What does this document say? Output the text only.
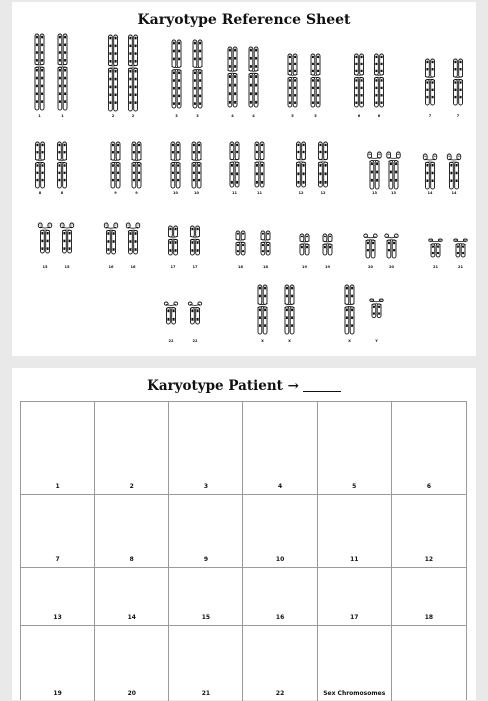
Karyotype Reference Sheet
1	1	2	2	3	3	4	4	5	5	6	6	7	7
8	8	9	9	10	10	11	11	12	12	13	13	14	14
15	15	16	16	17	17	18	18	19	19	20	20	21	21
22	22	X	X	X	Y
Karyotype Patient →
1	2	3	4	5	6
7	8	9	10	11	12
13	14	15	16	17	18
19	20	21	22	Sex Chromosomes
